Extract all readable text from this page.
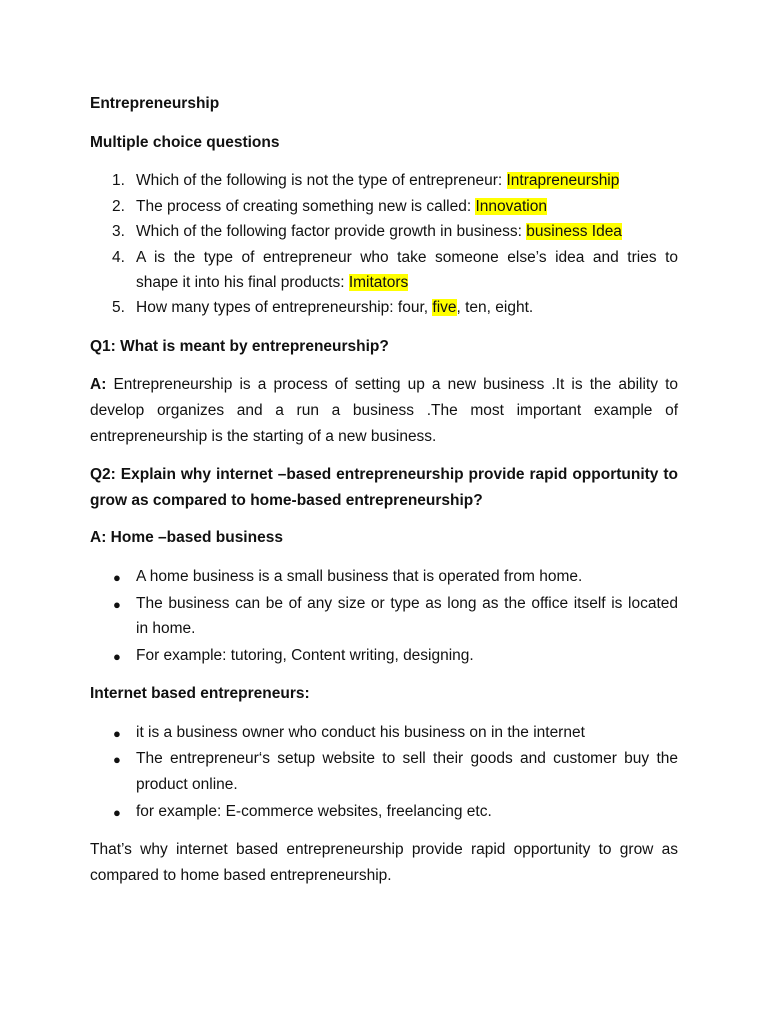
Entrepreneurship
Multiple choice questions
1. Which of the following is not the type of entrepreneur: Intrapreneurship
2. The process of creating something new is called: Innovation
3. Which of the following factor provide growth in business: business Idea
4. A is the type of entrepreneur who take someone else’s idea and tries to
shape it into his final products: Imitators
5. How many types of entrepreneurship: four, five, ten, eight.
Q1: What is meant by entrepreneurship?
A: Entrepreneurship is a process of setting up a new business .It is the ability to
develop organizes and a run a business .The most important example of
entrepreneurship is the starting of a new business.
Q2: Explain why internet –based entrepreneurship provide rapid opportunity to
grow as compared to home-based entrepreneurship?
A: Home –based business
● A home business is a small business that is operated from home.
● The business can be of any size or type as long as the office itself is located
in home.
● For example: tutoring, Content writing, designing.
Internet based entrepreneurs:
● it is a business owner who conduct his business on in the internet
● The entrepreneur‘s setup website to sell their goods and customer buy the
product online.
● for example: E-commerce websites, freelancing etc.
That’s why internet based entrepreneurship provide rapid opportunity to grow as
compared to home based entrepreneurship.
